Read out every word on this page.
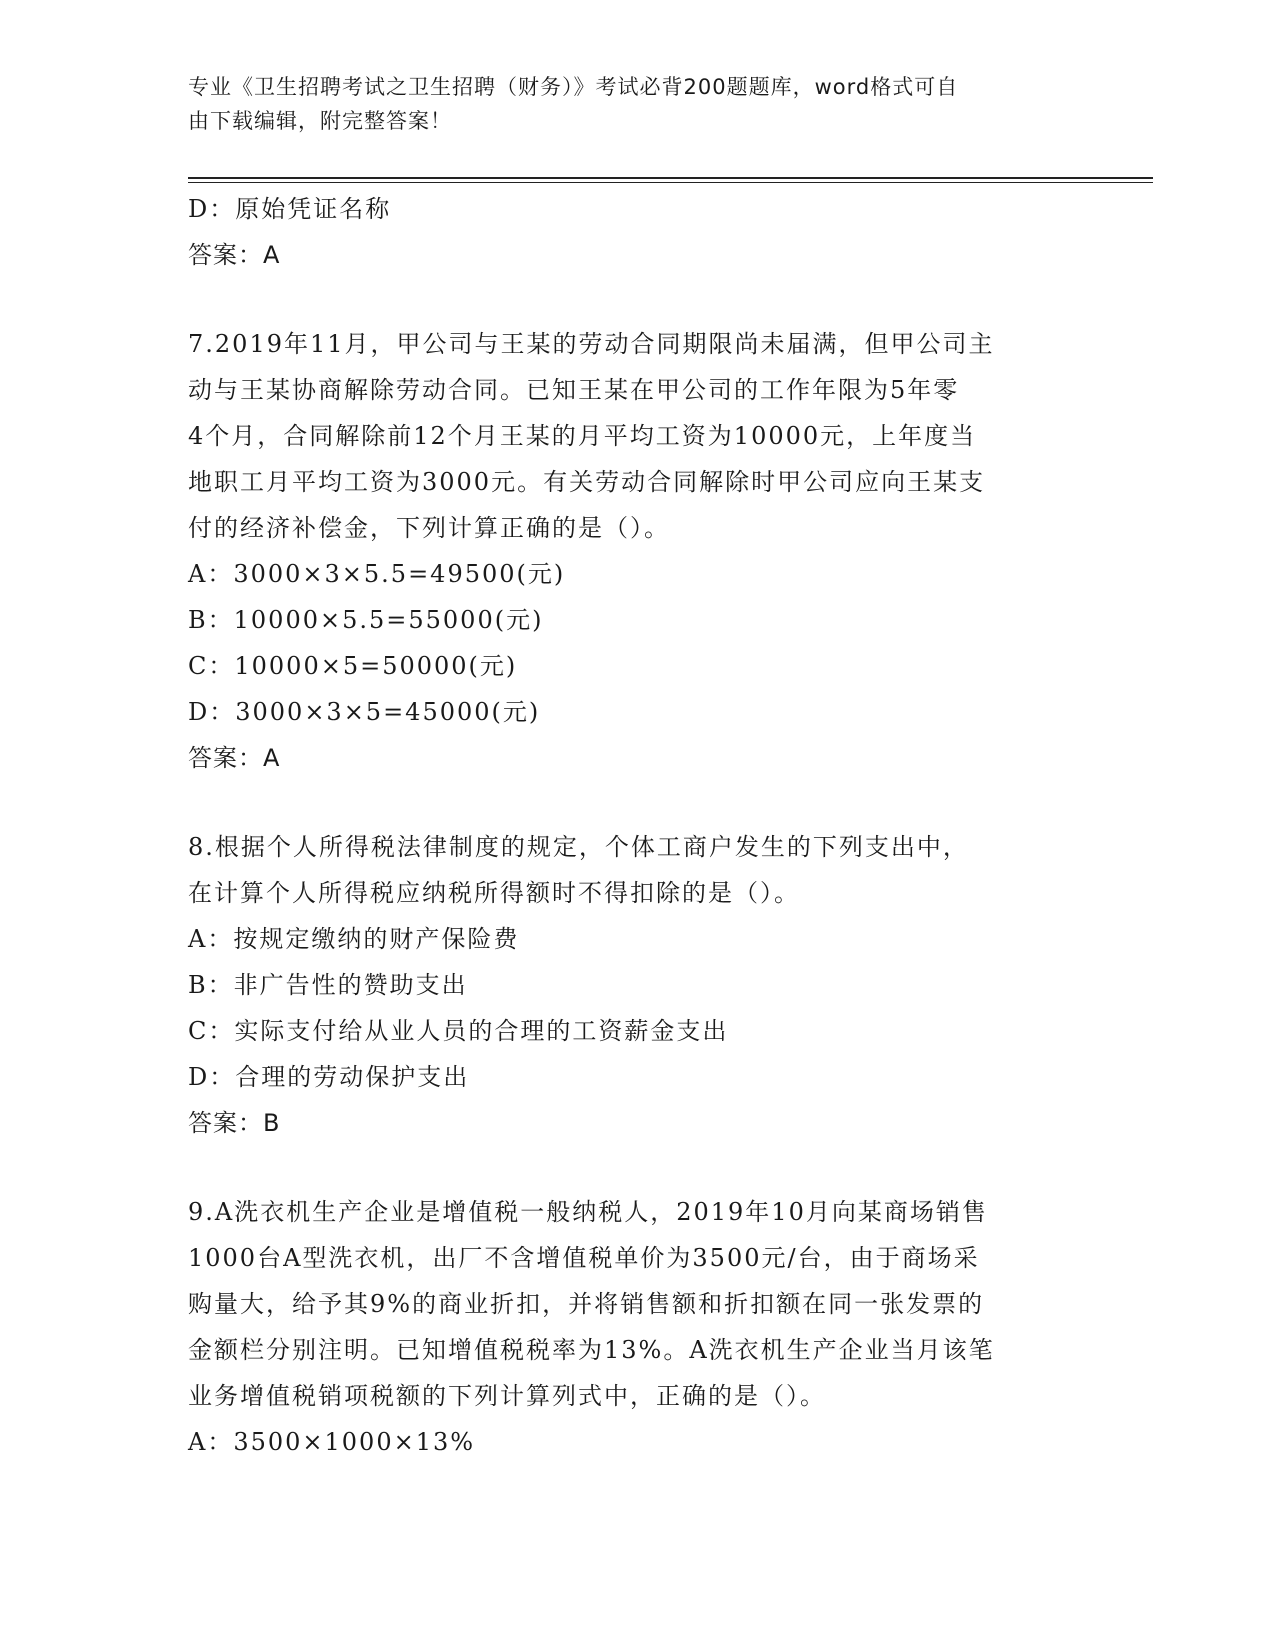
专业《卫生招聘考试之卫生招聘（财务）》考试必背200题题库，word格式可自
由下载编辑，附完整答案！
D：原始凭证名称
答案：A
7.2019年11月，甲公司与王某的劳动合同期限尚未届满，但甲公司主
动与王某协商解除劳动合同。已知王某在甲公司的工作年限为5年零
4个月，合同解除前12个月王某的月平均工资为10000元，上年度当
地职工月平均工资为3000元。有关劳动合同解除时甲公司应向王某支
付的经济补偿金，下列计算正确的是（）。
A：3000×3×5.5=49500(元)
B：10000×5.5=55000(元)
C：10000×5=50000(元)
D：3000×3×5=45000(元)
答案：A
8.根据个人所得税法律制度的规定，个体工商户发生的下列支出中，
在计算个人所得税应纳税所得额时不得扣除的是（）。
A：按规定缴纳的财产保险费
B：非广告性的赞助支出
C：实际支付给从业人员的合理的工资薪金支出
D：合理的劳动保护支出
答案：B
9.A洗衣机生产企业是增值税一般纳税人，2019年10月向某商场销售
1000台A型洗衣机，出厂不含增值税单价为3500元/台，由于商场采
购量大，给予其9%的商业折扣，并将销售额和折扣额在同一张发票的
金额栏分别注明。已知增值税税率为13%。A洗衣机生产企业当月该笔
业务增值税销项税额的下列计算列式中，正确的是（）。
A：3500×1000×13%
